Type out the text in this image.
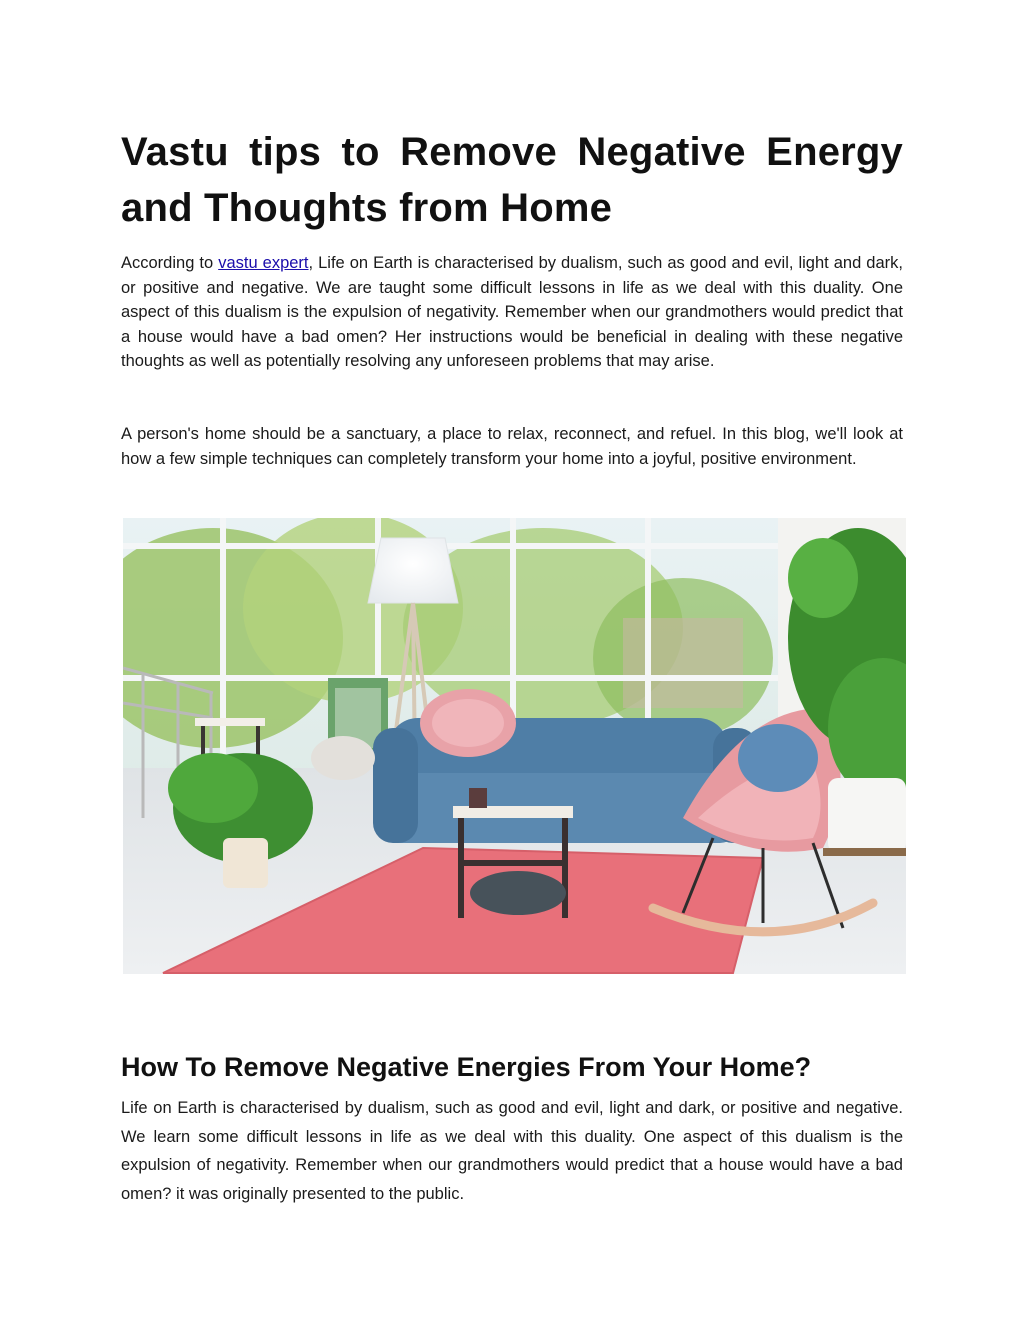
Vastu tips to Remove Negative Energy and Thoughts from Home

According to vastu expert, Life on Earth is characterised by dualism, such as good and evil, light and dark, or positive and negative. We are taught some difficult lessons in life as we deal with this duality. One aspect of this dualism is the expulsion of negativity. Remember when our grandmothers would predict that a house would have a bad omen? Her instructions would be beneficial in dealing with these negative thoughts as well as potentially resolving any unforeseen problems that may arise.

A person's home should be a sanctuary, a place to relax, reconnect, and refuel. In this blog, we'll look at how a few simple techniques can completely transform your home into a joyful, positive environment.

How To Remove Negative Energies From Your Home?

Life on Earth is characterised by dualism, such as good and evil, light and dark, or positive and negative. We learn some difficult lessons in life as we deal with this duality. One aspect of this dualism is the expulsion of negativity. Remember when our grandmothers would predict that a house would have a bad omen? it was originally presented to the public.
